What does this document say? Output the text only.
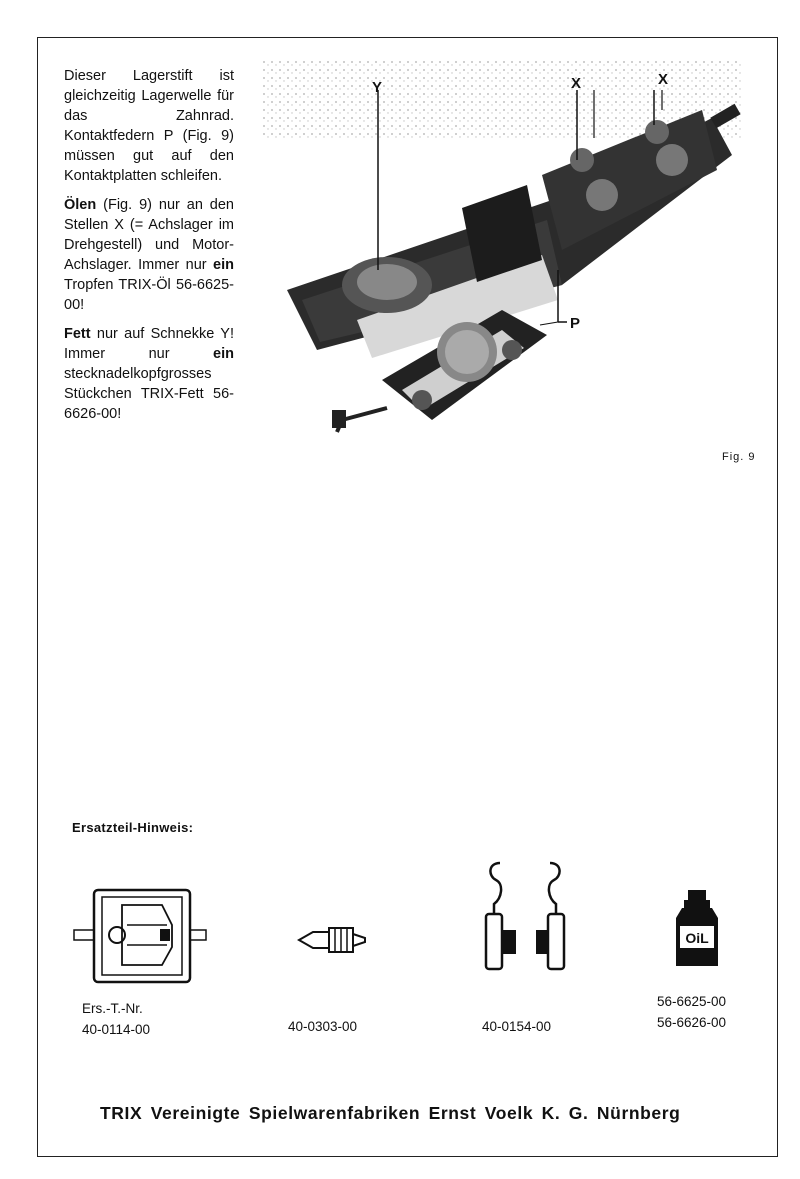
Dieser Lagerstift ist gleichzeitig Lagerwelle für das Zahnrad. Kontaktfedern P (Fig. 9) müssen gut auf den Kontaktplatten schleifen.

Ölen (Fig. 9) nur an den Stellen X (= Achslager im Drehgestell) und Motor-Achslager. Immer nur ein Tropfen TRIX-Öl 56-6625-00!

Fett nur auf Schnekke Y! Immer nur ein stecknadelkopfgrosses Stückchen TRIX-Fett 56-6626-00!

Y	X	X
P
Fig. 9
Ersatzteil-Hinweis:
Ers.-T.-Nr.
40-0114-00	40-0303-00	40-0154-00
OiL
56-6625-00
56-6626-00
TRIX Vereinigte Spielwarenfabriken Ernst Voelk K. G. Nürnberg
